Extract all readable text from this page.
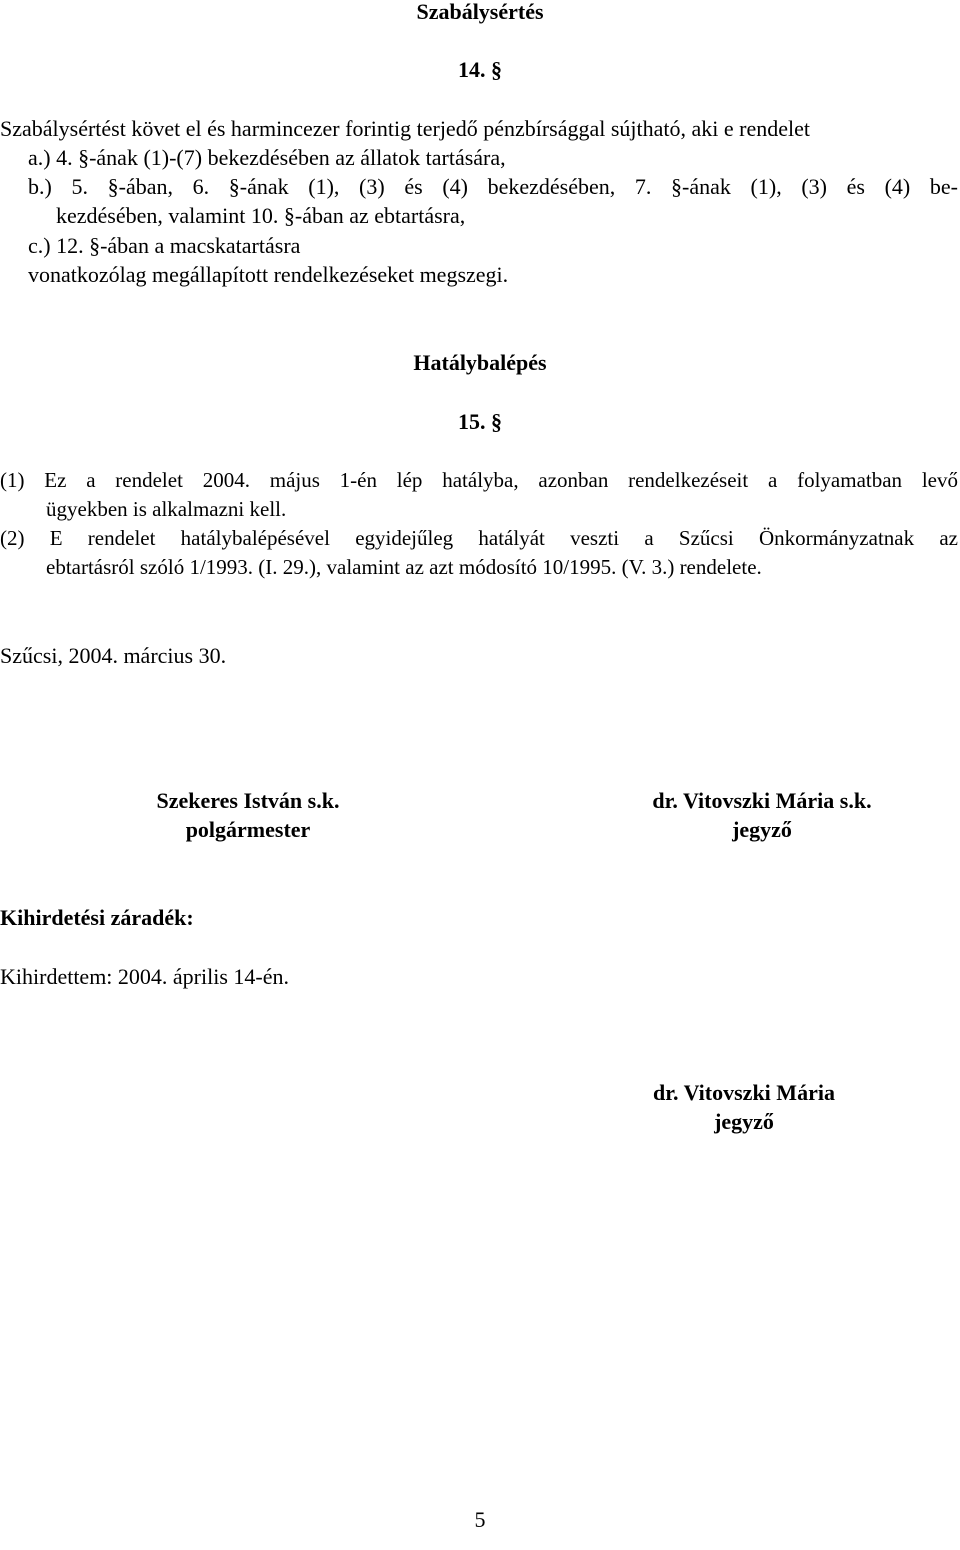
Szabálysértés
14. §
Szabálysértést követ el és harmincezer forintig terjedő pénzbírsággal sújtható, aki e rendelet
a.) 4. §-ának (1)-(7) bekezdésében az állatok tartására,
b.) 5. §-ában, 6. §-ának (1), (3) és (4) bekezdésében, 7. §-ának (1), (3) és (4) be-
kezdésében, valamint 10. §-ában az ebtartásra,
c.) 12. §-ában a macskatartásra
vonatkozólag megállapított rendelkezéseket megszegi.
Hatálybalépés
15. §
(1) Ez a rendelet 2004. május 1-én lép hatályba, azonban rendelkezéseit a folyamatban levő
ügyekben is alkalmazni kell.
(2) E rendelet hatálybalépésével egyidejűleg hatályát veszti a Szűcsi Önkormányzatnak az
ebtartásról szóló 1/1993. (I. 29.), valamint az azt módosító 10/1995. (V. 3.) rendelete.
Szűcsi, 2004. március 30.
Szekeres István s.k.
polgármester
dr. Vitovszki Mária s.k.
jegyző
Kihirdetési záradék:
Kihirdettem: 2004. április 14-én.
dr. Vitovszki Mária
jegyző
5
